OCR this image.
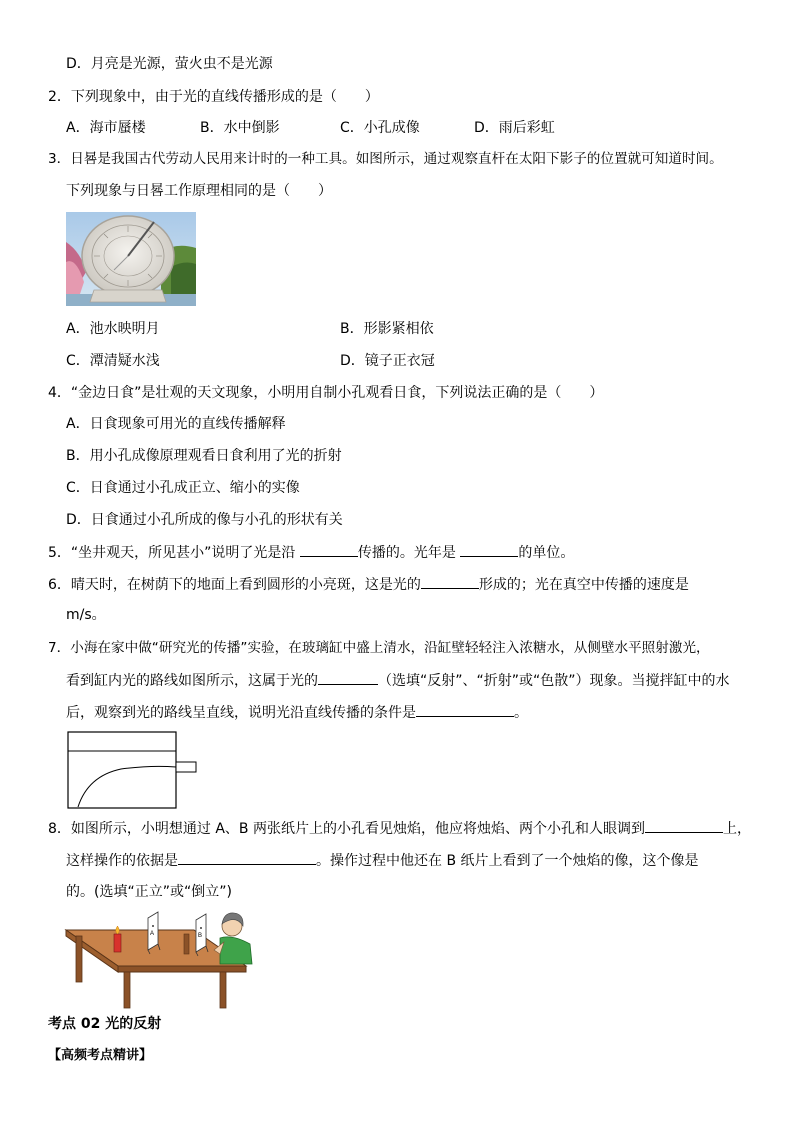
D．月亮是光源，萤火虫不是光源
2．下列现象中，由于光的直线传播形成的是（　　）
A．海市蜃楼	B．水中倒影	C．小孔成像	D．雨后彩虹
3．日晷是我国古代劳动人民用来计时的一种工具。如图所示，通过观察直杆在太阳下影子的位置就可知道时间。
下列现象与日晷工作原理相同的是（　　）
A．池水映明月	B．形影紧相依
C．潭清疑水浅	D．镜子正衣冠
4．“金边日食”是壮观的天文现象，小明用自制小孔观看日食，下列说法正确的是（　　）
A．日食现象可用光的直线传播解释
B．用小孔成像原理观看日食利用了光的折射
C．日食通过小孔成正立、缩小的实像
D．日食通过小孔所成的像与小孔的形状有关
5．“坐井观天，所见甚小”说明了光是沿	传播的。光年是	的单位。
6．晴天时，在树荫下的地面上看到圆形的小亮斑，这是光的	形成的；光在真空中传播的速度是
m/s。
7．小海在家中做“研究光的传播”实验，在玻璃缸中盛上清水，沿缸壁轻轻注入浓糖水，从侧壁水平照射激光，
看到缸内光的路线如图所示，这属于光的	（选填“反射”、“折射”或“色散”）现象。当搅拌缸中的水
后，观察到光的路线呈直线，说明光沿直线传播的条件是	。
8．如图所示，小明想通过 A、B 两张纸片上的小孔看见烛焰，他应将烛焰、两个小孔和人眼调到	上，
这样操作的依据是	。操作过程中他还在 B 纸片上看到了一个烛焰的像，这个像是
的。(选填“正立”或“倒立”)
A	B
考点 02 光的反射
【高频考点精讲】
